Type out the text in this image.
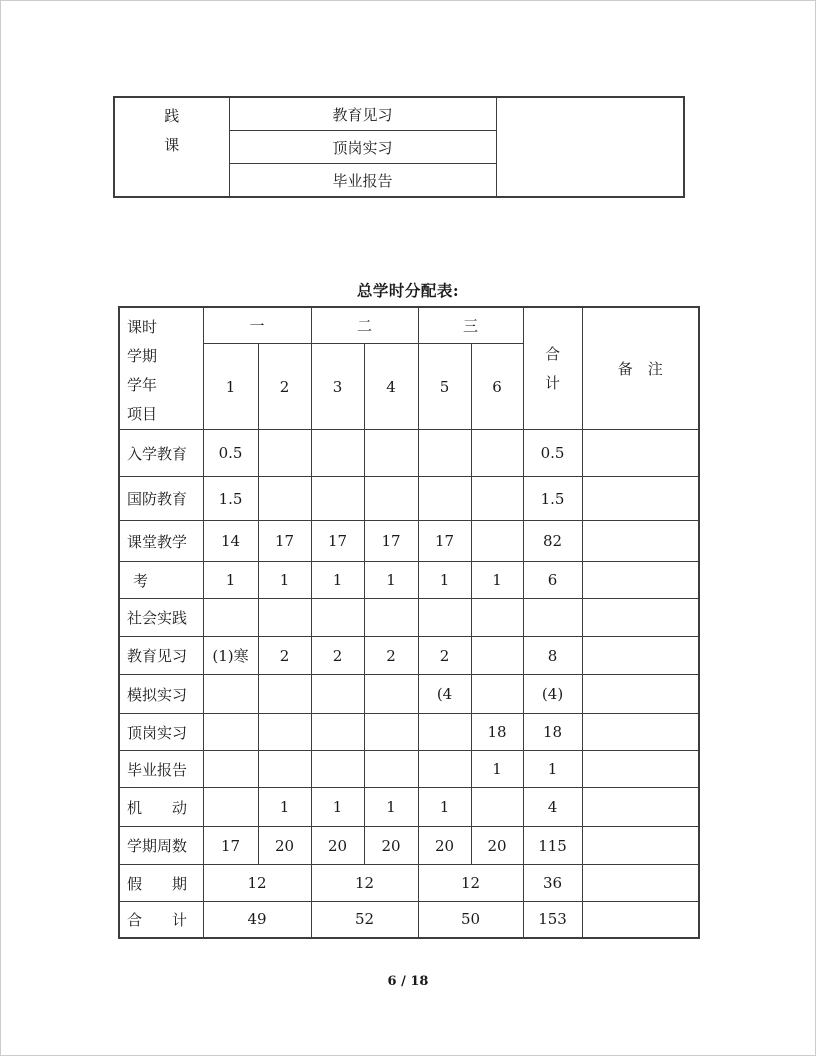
践
课
	教育见习	
顶岗实习
毕业报告
总学时分配表:
课时
学期
学年
项目	一		二		三		合
计	备　注
	1	2	3	4	5	6		
入学教育	0.5						0.5	
国防教育	1.5						1.5	
课堂教学	14	17	17	17	17		82	
考	1	1	1	1	1	1	6	
社会实践								
教育见习	(1)寒	2	2	2	2		8	
模拟实习					(4		(4)	
顶岗实习						18	18	
毕业报告						1	1	
机　　动		1	1	1	1		4	
学期周数	17	20	20	20	20	20	115	
假　　期	12		12		12		36	
合　　计	49		52		50		153	
6 / 18
